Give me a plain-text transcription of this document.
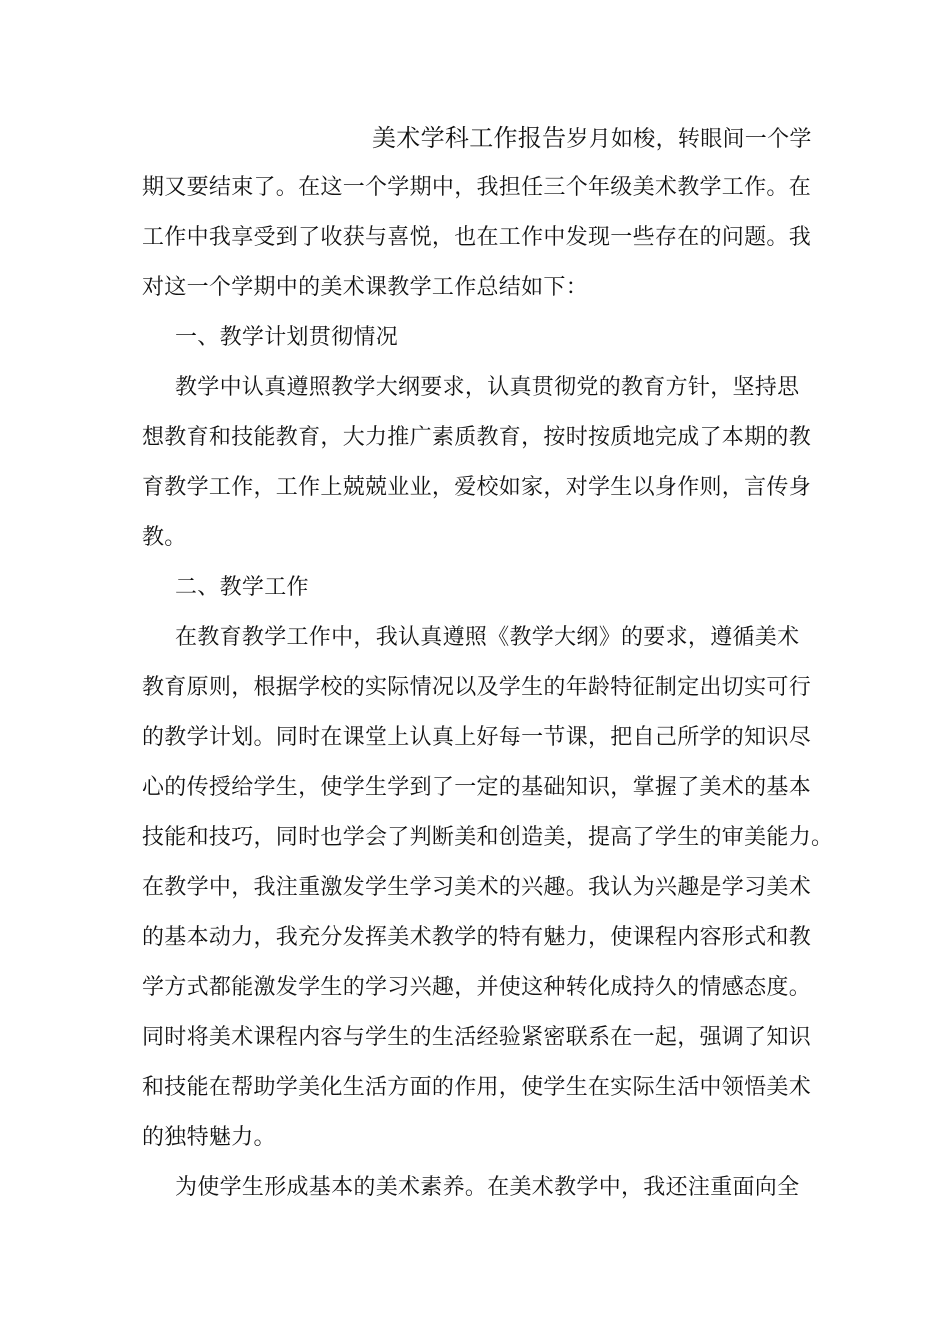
美术学科工作报告岁月如梭，转眼间一个学
期又要结束了。在这一个学期中，我担任三个年级美术教学工作。在
工作中我享受到了收获与喜悦，也在工作中发现一些存在的问题。我
对这一个学期中的美术课教学工作总结如下：
一、教学计划贯彻情况
教学中认真遵照教学大纲要求，认真贯彻党的教育方针，坚持思
想教育和技能教育，大力推广素质教育，按时按质地完成了本期的教
育教学工作，工作上兢兢业业，爱校如家，对学生以身作则，言传身
教。
二、教学工作
在教育教学工作中，我认真遵照《教学大纲》的要求，遵循美术
教育原则，根据学校的实际情况以及学生的年龄特征制定出切实可行
的教学计划。同时在课堂上认真上好每一节课，把自己所学的知识尽
心的传授给学生，使学生学到了一定的基础知识，掌握了美术的基本
技能和技巧，同时也学会了判断美和创造美，提高了学生的审美能力。
在教学中，我注重激发学生学习美术的兴趣。我认为兴趣是学习美术
的基本动力，我充分发挥美术教学的特有魅力，使课程内容形式和教
学方式都能激发学生的学习兴趣，并使这种转化成持久的情感态度。
同时将美术课程内容与学生的生活经验紧密联系在一起，强调了知识
和技能在帮助学美化生活方面的作用，使学生在实际生活中领悟美术
的独特魅力。
为使学生形成基本的美术素养。在美术教学中，我还注重面向全
